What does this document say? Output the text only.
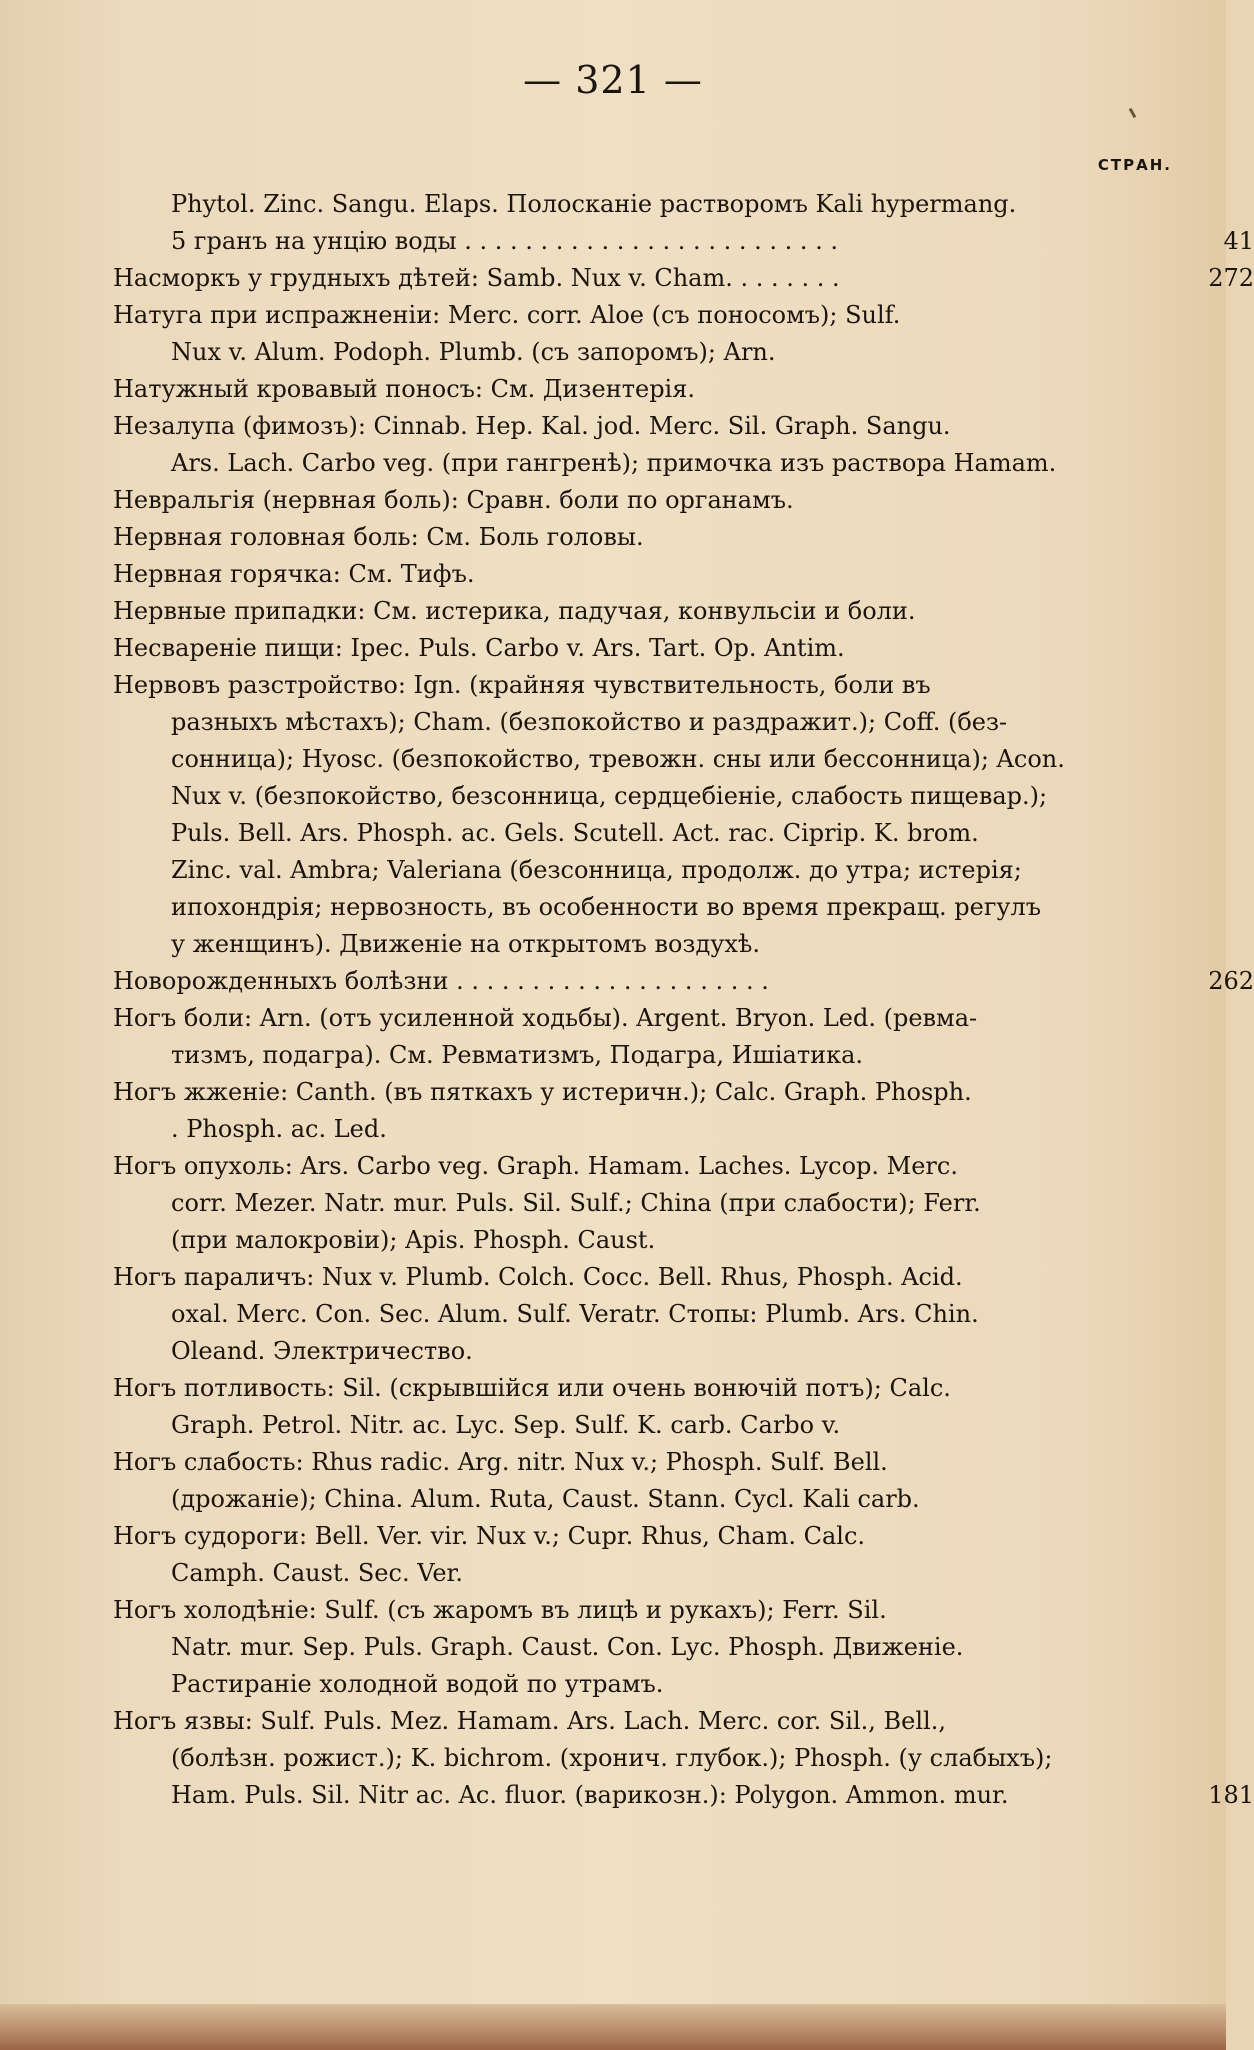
— 321 —
СТРАН.
Phytol. Zinc. Sangu. Elaps. Полосканіе растворомъ Kali hypermang.
5 гранъ на унцію воды . . . . . . . . . . . . . . . . . . . . . . . . .	41
Насморкъ у грудныхъ дѣтей: Samb. Nux v. Cham. . . . . . . .	272
Натуга при испражненіи: Merc. corr. Aloe (съ поносомъ); Sulf.
Nux v. Alum. Podoph. Plumb. (съ запоромъ); Arn.
Натужный кровавый поносъ: См. Дизентерія.
Незалупа (фимозъ): Cinnab. Hep. Kal. jod. Merc. Sil. Graph. Sangu.
Ars. Lach. Carbo veg. (при гангренѣ); примочка изъ раствора Hamam.
Невральгія (нервная боль): Сравн. боли по органамъ.
Нервная головная боль: См. Боль головы.
Нервная горячка: См. Тифъ.
Нервные припадки: См. истерика, падучая, конвульсіи и боли.
Несвареніе пищи: Ipec. Puls. Carbo v. Ars. Tart. Op. Antim.
Нервовъ разстройство: Ign. (крайняя чувствительность, боли въ
разныхъ мѣстахъ); Cham. (безпокойство и раздражит.); Coff. (без-
сонница); Hyosc. (безпокойство, тревожн. сны или бессонница); Acon.
Nux v. (безпокойство, безсонница, сердцебіеніе, слабость пищевар.);
Puls. Bell. Ars. Phosph. ac. Gels. Scutell. Act. rac. Ciprip. K. brom.
Zinc. val. Ambra; Valeriana (безсонница, продолж. до утра; истерія;
ипохондрія; нервозность, въ особенности во время прекращ. регулъ
у женщинъ). Движеніе на открытомъ воздухѣ.
Новорожденныхъ болѣзни . . . . . . . . . . . . . . . . . . . . .	262
Ногъ боли: Arn. (отъ усиленной ходьбы). Argent. Bryon. Led. (ревма-
тизмъ, подагра). См. Ревматизмъ, Подагра, Ишіатика.
Ногъ жженіе: Canth. (въ пяткахъ у истеричн.); Calc. Graph. Phosph.
. Phosph. ac. Led.
Ногъ опухоль: Ars. Carbo veg. Graph. Hamam. Laches. Lycop. Merc.
corr. Mezer. Natr. mur. Puls. Sil. Sulf.; China (при слабости); Ferr.
(при малокровіи); Apis. Phosph. Caust.
Ногъ параличъ: Nux v. Plumb. Colch. Cocc. Bell. Rhus, Phosph. Acid.
oxal. Merc. Con. Sec. Alum. Sulf. Veratr. Стопы: Plumb. Ars. Chin.
Oleand. Электричество.
Ногъ потливость: Sil. (скрывшійся или очень вонючій потъ); Calc.
Graph. Petrol. Nitr. ac. Lyc. Sep. Sulf. K. carb. Carbo v.
Ногъ слабость: Rhus radic. Arg. nitr. Nux v.; Phosph. Sulf. Bell.
(дрожаніе); China. Alum. Ruta, Caust. Stann. Cycl. Kali carb.
Ногъ судороги: Bell. Ver. vir. Nux v.; Cupr. Rhus, Cham. Calc.
Camph. Caust. Sec. Ver.
Ногъ холодѣніе: Sulf. (съ жаромъ въ лицѣ и рукахъ); Ferr. Sil.
Natr. mur. Sep. Puls. Graph. Caust. Con. Lyc. Phosph. Движеніе.
Растираніе холодной водой по утрамъ.
Ногъ язвы: Sulf. Puls. Mez. Hamam. Ars. Lach. Merc. cor. Sil., Bell.,
(болѣзн. рожист.); K. bichrom. (хронич. глубок.); Phosph. (у слабыхъ);
Ham. Puls. Sil. Nitr ac. Ac. fluor. (варикозн.): Polygon. Ammon. mur.	181
